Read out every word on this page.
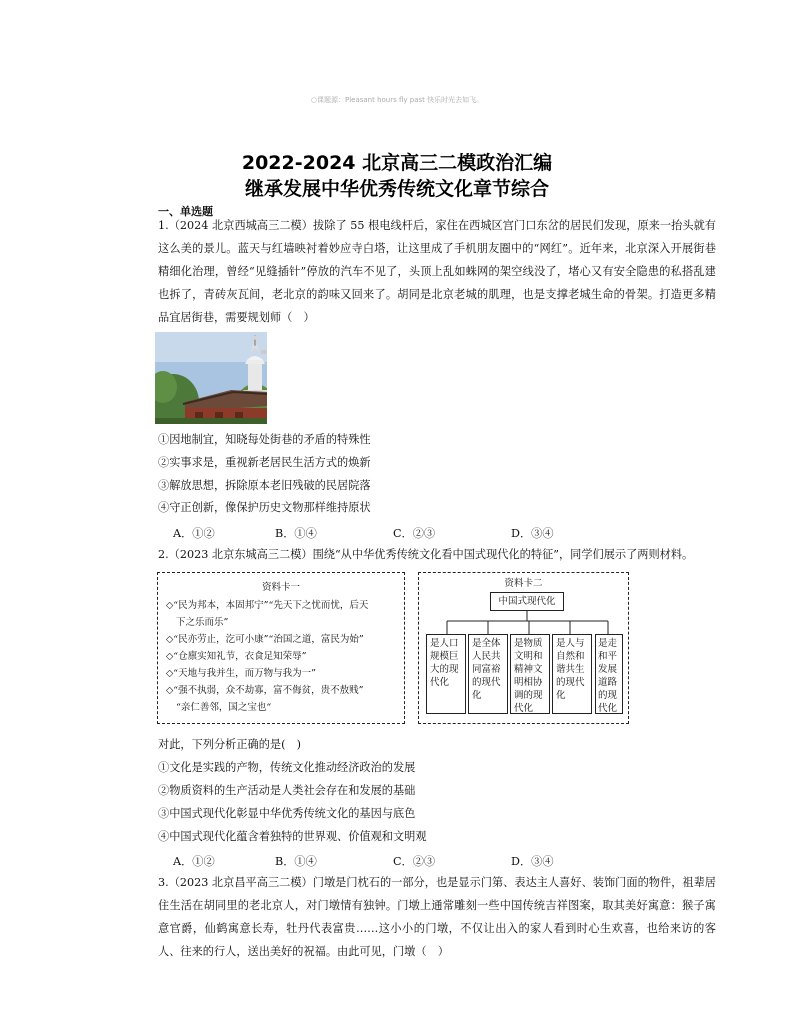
○课题源：Pleasant hours fly past 快乐时光去如飞。
2022-2024 北京高三二模政治汇编
继承发展中华优秀传统文化章节综合
一、单选题
1.（2024 北京西城高三二模）拔除了 55 根电线杆后，家住在西城区宫门口东岔的居民们发现，原来一抬头就有这么美的景儿。蓝天与红墙映衬着妙应寺白塔，让这里成了手机朋友圈中的“网红”。近年来，北京深入开展街巷精细化治理，曾经“见缝插针”停放的汽车不见了，头顶上乱如蛛网的架空线没了，堵心又有安全隐患的私搭乱建也拆了，青砖灰瓦间，老北京的韵味又回来了。胡同是北京老城的肌理，也是支撑老城生命的骨架。打造更多精品宜居街巷，需要规划师（　）
①因地制宜，知晓每处街巷的矛盾的特殊性
②实事求是，重视新老居民生活方式的焕新
③解放思想，拆除原本老旧残破的民居院落
④守正创新，像保护历史文物那样维持原状
A．①②	B．①④	C．②③	D．③④
2.（2023 北京东城高三二模）围绕“从中华优秀传统文化看中国式现代化的特征”，同学们展示了两则材料。
资料卡一
◇“民为邦本，本固邦宁”“先天下之忧而忧，后天
下之乐而乐”
◇“民亦劳止，汔可小康”“治国之道，富民为始”
◇“仓廪实知礼节，衣食足知荣辱”
◇“天地与我并生，而万物与我为一”
◇“强不执弱，众不劫寡，富不侮贫，贵不敖贱”
“亲仁善邻，国之宝也“
资料卡二
中国式现代化
是人口规模巨大的现代化
是全体人民共同富裕的现代化
是物质文明和精神文明相协调的现代化
是人与自然和谐共生的现代化
是走和平发展道路的现代化
对此，下列分析正确的是(　)
①文化是实践的产物，传统文化推动经济政治的发展
②物质资料的生产活动是人类社会存在和发展的基础
③中国式现代化彰显中华优秀传统文化的基因与底色
④中国式现代化蕴含着独特的世界观、价值观和文明观
A．①②	B．①④	C．②③	D．③④
3.（2023 北京昌平高三二模）门墩是门枕石的一部分，也是显示门第、表达主人喜好、装饰门面的物件，祖辈居住生活在胡同里的老北京人，对门墩情有独钟。门墩上通常雕刻一些中国传统吉祥图案，取其美好寓意：猴子寓意官爵，仙鹤寓意长寿，牡丹代表富贵……这小小的门墩，不仅让出入的家人看到时心生欢喜，也给来访的客人、往来的行人，送出美好的祝福。由此可见，门墩（　）
